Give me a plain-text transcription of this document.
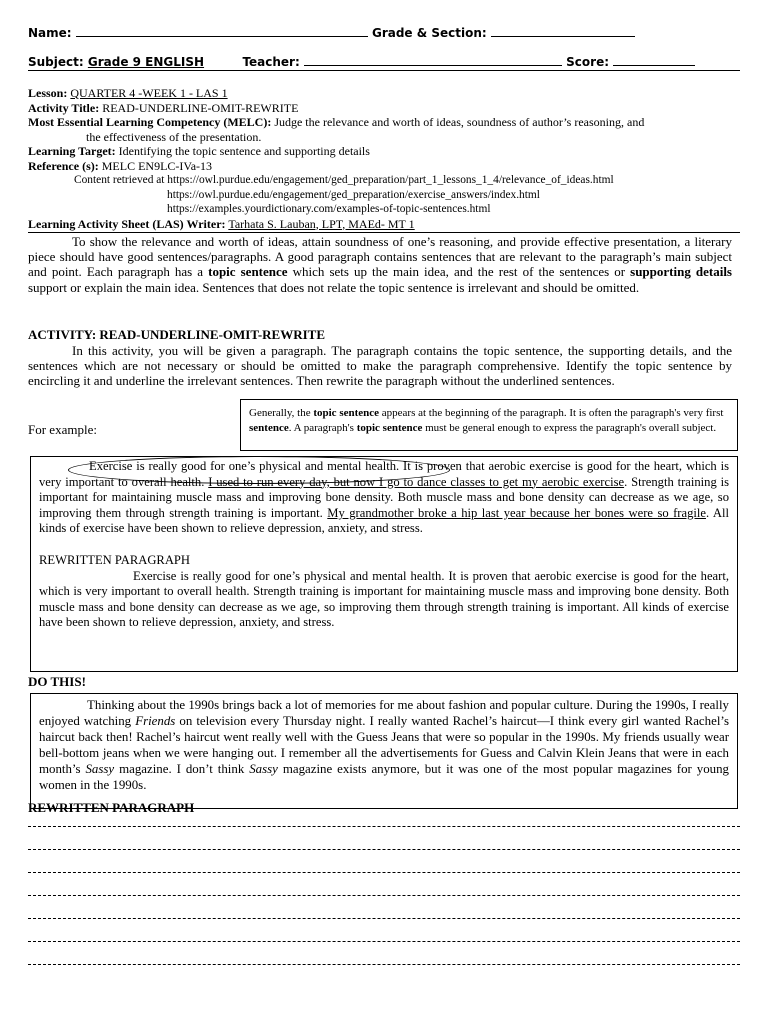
Name:	Grade & Section:
Subject: Grade 9 ENGLISH	Teacher:	Score:
Lesson: QUARTER 4 -WEEK 1 - LAS 1
Activity Title: READ-UNDERLINE-OMIT-REWRITE
Most Essential Learning Competency (MELC): Judge the relevance and worth of ideas, soundness of author’s reasoning, and
the effectiveness of the presentation.
Learning Target: Identifying the topic sentence and supporting details
Reference (s): MELC EN9LC-IVa-13
Content retrieved at https://owl.purdue.edu/engagement/ged_preparation/part_1_lessons_1_4/relevance_of_ideas.html
https://owl.purdue.edu/engagement/ged_preparation/exercise_answers/index.html
https://examples.yourdictionary.com/examples-of-topic-sentences.html
Learning Activity Sheet (LAS) Writer: Tarhata S. Lauban, LPT, MAEd- MT 1

To show the relevance and worth of ideas, attain soundness of one’s reasoning, and provide effective presentation, a literary piece should have good sentences/paragraphs. A good paragraph contains sentences that are relevant to the paragraph’s main subject and point. Each paragraph has a topic sentence which sets up the main idea, and the rest of the sentences or supporting details support or explain the main idea. Sentences that does not relate the topic sentence is irrelevant and should be omitted.

ACTIVITY: READ-UNDERLINE-OMIT-REWRITE

In this activity, you will be given a paragraph. The paragraph contains the topic sentence, the supporting details, and the sentences which are not necessary or should be omitted to make the paragraph comprehensive. Identify the topic sentence by encircling it and underline the irrelevant sentences. Then rewrite the paragraph without the underlined sentences.

For example:
Generally, the topic sentence appears at the beginning of the paragraph. It is often the paragraph's very first sentence. A paragraph's topic sentence must be general enough to express the paragraph's overall subject.
Exercise is really good for one’s physical and mental health. It is proven that aerobic exercise is good for the heart, which is very important to overall health. I used to run every day, but now I go to dance classes to get my aerobic exercise. Strength training is important for maintaining muscle mass and improving bone density. Both muscle mass and bone density can decrease as we age, so improving them through strength training is important. My grandmother broke a hip last year because her bones were so fragile. All kinds of exercise have been shown to relieve depression, anxiety, and stress.
REWRITTEN PARAGRAPH
Exercise is really good for one’s physical and mental health. It is proven that aerobic exercise is good for the heart, which is very important to overall health. Strength training is important for maintaining muscle mass and improving bone density. Both muscle mass and bone density can decrease as we age, so improving them through strength training is important. All kinds of exercise have been shown to relieve depression, anxiety, and stress.
DO THIS!
Thinking about the 1990s brings back a lot of memories for me about fashion and popular culture. During the 1990s, I really enjoyed watching Friends on television every Thursday night. I really wanted Rachel’s haircut—I think every girl wanted Rachel’s haircut back then! Rachel’s haircut went really well with the Guess Jeans that were so popular in the 1990s. My friends usually wear bell-bottom jeans when we were hanging out. I remember all the advertisements for Guess and Calvin Klein Jeans that were in each month’s Sassy magazine. I don’t think Sassy magazine exists anymore, but it was one of the most popular magazines for young women in the 1990s.
REWRITTEN PARAGRAPH
